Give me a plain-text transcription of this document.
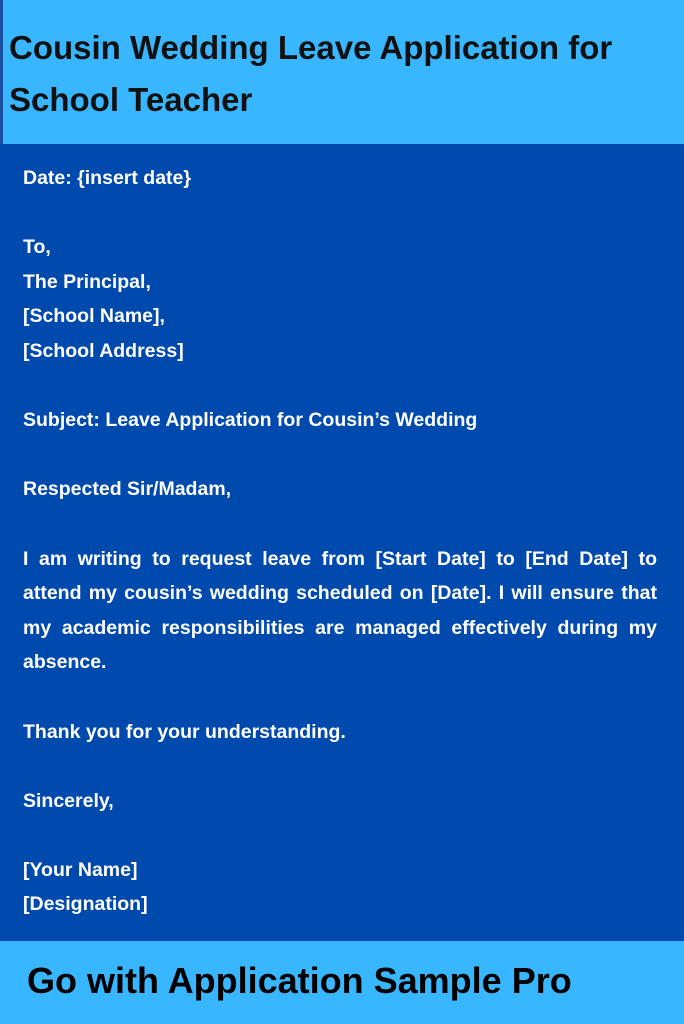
Cousin Wedding Leave Application for School Teacher
Date: {insert date}
To,
The Principal,
[School Name],
[School Address]
Subject: Leave Application for Cousin’s Wedding
Respected Sir/Madam,
I am writing to request leave from [Start Date] to [End Date] to attend my cousin’s wedding scheduled on [Date]. I will ensure that my academic responsibilities are managed effectively during my absence.
Thank you for your understanding.
Sincerely,
[Your Name]
[Designation]

Go with Application Sample Pro
